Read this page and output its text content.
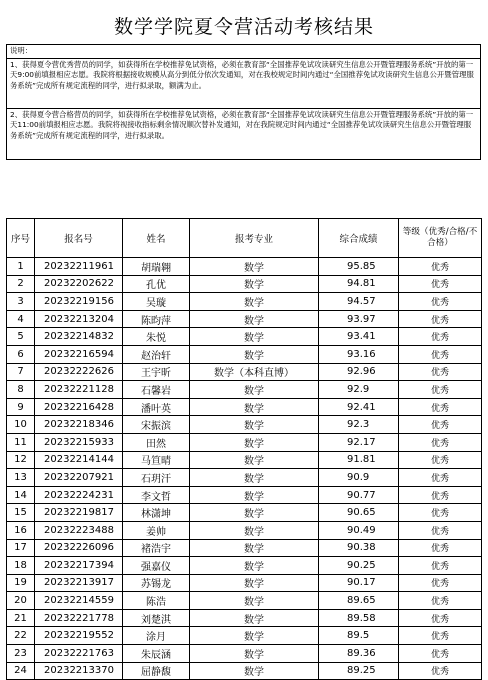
数学学院夏令营活动考核结果
说明：
1、获得夏令营优秀营员的同学，如获得所在学校推荐免试资格，必须在教育部“全国推荐免试攻读研究生信息公开暨管理服务系统”开放的第一天9:00前填报相应志愿。我院将根据接收规模从高分到低分依次发通知，对在我校规定时间内通过“全国推荐免试攻读研究生信息公开暨管理服务系统”完成所有规定流程的同学，进行拟录取，额满为止。
2、获得夏令营合格营员的同学，如获得所在学校推荐免试资格，必须在教育部“全国推荐免试攻读研究生信息公开暨管理服务系统”开放的第一天11:00前填报相应志愿。我院将视接收指标剩余情况顺次替补发通知，对在我院规定时间内通过“全国推荐免试攻读研究生信息公开暨管理服务系统”完成所有规定流程的同学，进行拟录取。
序号	报名号	姓名	报考专业	综合成绩	等级（优秀/合格/不合格）
1	20232211961	胡瑞翱	数学	95.85	优秀
2	20232202622	孔优	数学	94.81	优秀
3	20232219156	吴璇	数学	94.57	优秀
4	20232213204	陈昀萍	数学	93.97	优秀
5	20232214832	朱悦	数学	93.41	优秀
6	20232216594	赵治轩	数学	93.16	优秀
7	20232222626	王宇昕	数学（本科直博）	92.96	优秀
8	20232221128	石馨岩	数学	92.9	优秀
9	20232216428	潘叶英	数学	92.41	优秀
10	20232218346	宋振滨	数学	92.3	优秀
11	20232215933	田然	数学	92.17	优秀
12	20232214144	马笪晴	数学	91.81	优秀
13	20232207921	石玥汗	数学	90.9	优秀
14	20232224231	李文哲	数学	90.77	优秀
15	20232219817	林潇坤	数学	90.65	优秀
16	20232223488	姜帅	数学	90.49	优秀
17	20232226096	褚浩宇	数学	90.38	优秀
18	20232217394	强嘉仪	数学	90.25	优秀
19	20232213917	苏锡龙	数学	90.17	优秀
20	20232214559	陈浩	数学	89.65	优秀
21	20232221778	刘楚淇	数学	89.58	优秀
22	20232219552	涂月	数学	89.5	优秀
23	20232221763	朱辰涵	数学	89.36	优秀
24	20232213370	屈静馥	数学	89.25	优秀
